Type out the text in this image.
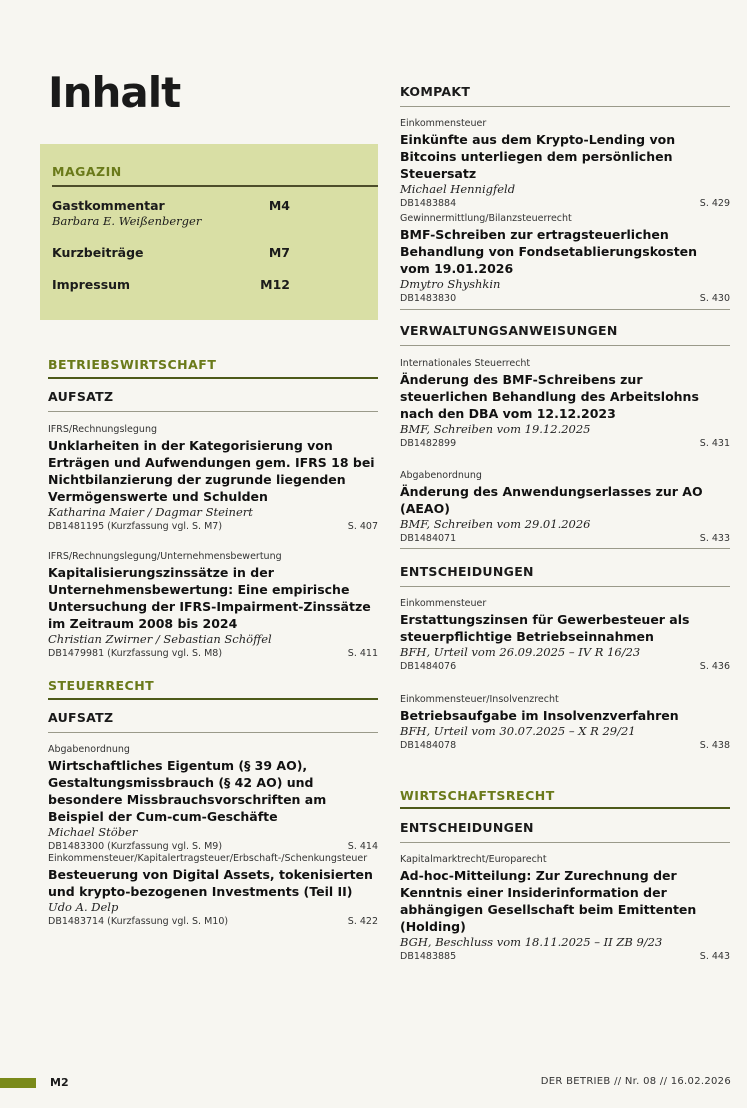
Inhalt
MAGAZIN
Gastkommentar	M4
Barbara E. Weißenberger
Kurzbeiträge	M7
Impressum	M12
BETRIEBSWIRTSCHAFT
AUFSATZ
IFRS/Rechnungslegung
Unklarheiten in der Kategorisierung von Erträgen und Aufwendungen gem. IFRS 18 bei Nichtbilanzierung der zugrunde liegenden Vermögenswerte und Schulden
Katharina Maier / Dagmar Steinert
DB1481195 (Kurzfassung vgl. S. M7)	S. 407
IFRS/Rechnungslegung/Unternehmensbewertung
Kapitalisierungszinssätze in der Unternehmensbewertung: Eine empirische Untersuchung der IFRS-Impairment-Zinssätze im Zeitraum 2008 bis 2024
Christian Zwirner / Sebastian Schöffel
DB1479981 (Kurzfassung vgl. S. M8)	S. 411
STEUERRECHT
AUFSATZ
Abgabenordnung
Wirtschaftliches Eigentum (§ 39 AO), Gestaltungsmissbrauch (§ 42 AO) und besondere Missbrauchsvorschriften am Beispiel der Cum-cum-Geschäfte
Michael Stöber
DB1483300 (Kurzfassung vgl. S. M9)	S. 414
Einkommensteuer/Kapitalertragsteuer/Erbschaft-/Schenkungsteuer
Besteuerung von Digital Assets, tokenisierten und krypto-bezogenen Investments (Teil II)
Udo A. Delp
DB1483714 (Kurzfassung vgl. S. M10)	S. 422
KOMPAKT
Einkommensteuer
Einkünfte aus dem Krypto-Lending von Bitcoins unterliegen dem persönlichen Steuersatz
Michael Hennigfeld
DB1483884	S. 429
Gewinnermittlung/Bilanzsteuerrecht
BMF-Schreiben zur ertragsteuerlichen Behandlung von Fondsetablierungskosten vom 19.01.2026
Dmytro Shyshkin
DB1483830	S. 430
VERWALTUNGSANWEISUNGEN
Internationales Steuerrecht
Änderung des BMF-Schreibens zur steuerlichen Behandlung des Arbeitslohns nach den DBA vom 12.12.2023
BMF, Schreiben vom 19.12.2025
DB1482899	S. 431
Abgabenordnung
Änderung des Anwendungserlasses zur AO (AEAO)
BMF, Schreiben vom 29.01.2026
DB1484071	S. 433
ENTSCHEIDUNGEN
Einkommensteuer
Erstattungszinsen für Gewerbesteuer als steuerpflichtige Betriebseinnahmen
BFH, Urteil vom 26.09.2025 – IV R 16/23
DB1484076	S. 436
Einkommensteuer/Insolvenzrecht
Betriebsaufgabe im Insolvenzverfahren
BFH, Urteil vom 30.07.2025 – X R 29/21
DB1484078	S. 438
WIRTSCHAFTSRECHT
ENTSCHEIDUNGEN
Kapitalmarktrecht/Europarecht
Ad-hoc-Mitteilung: Zur Zurechnung der Kenntnis einer Insiderinformation der abhängigen Gesellschaft beim Emittenten (Holding)
BGH, Beschluss vom 18.11.2025 – II ZB 9/23
DB1483885	S. 443
M2	DER BETRIEB // Nr. 08 // 16.02.2026
